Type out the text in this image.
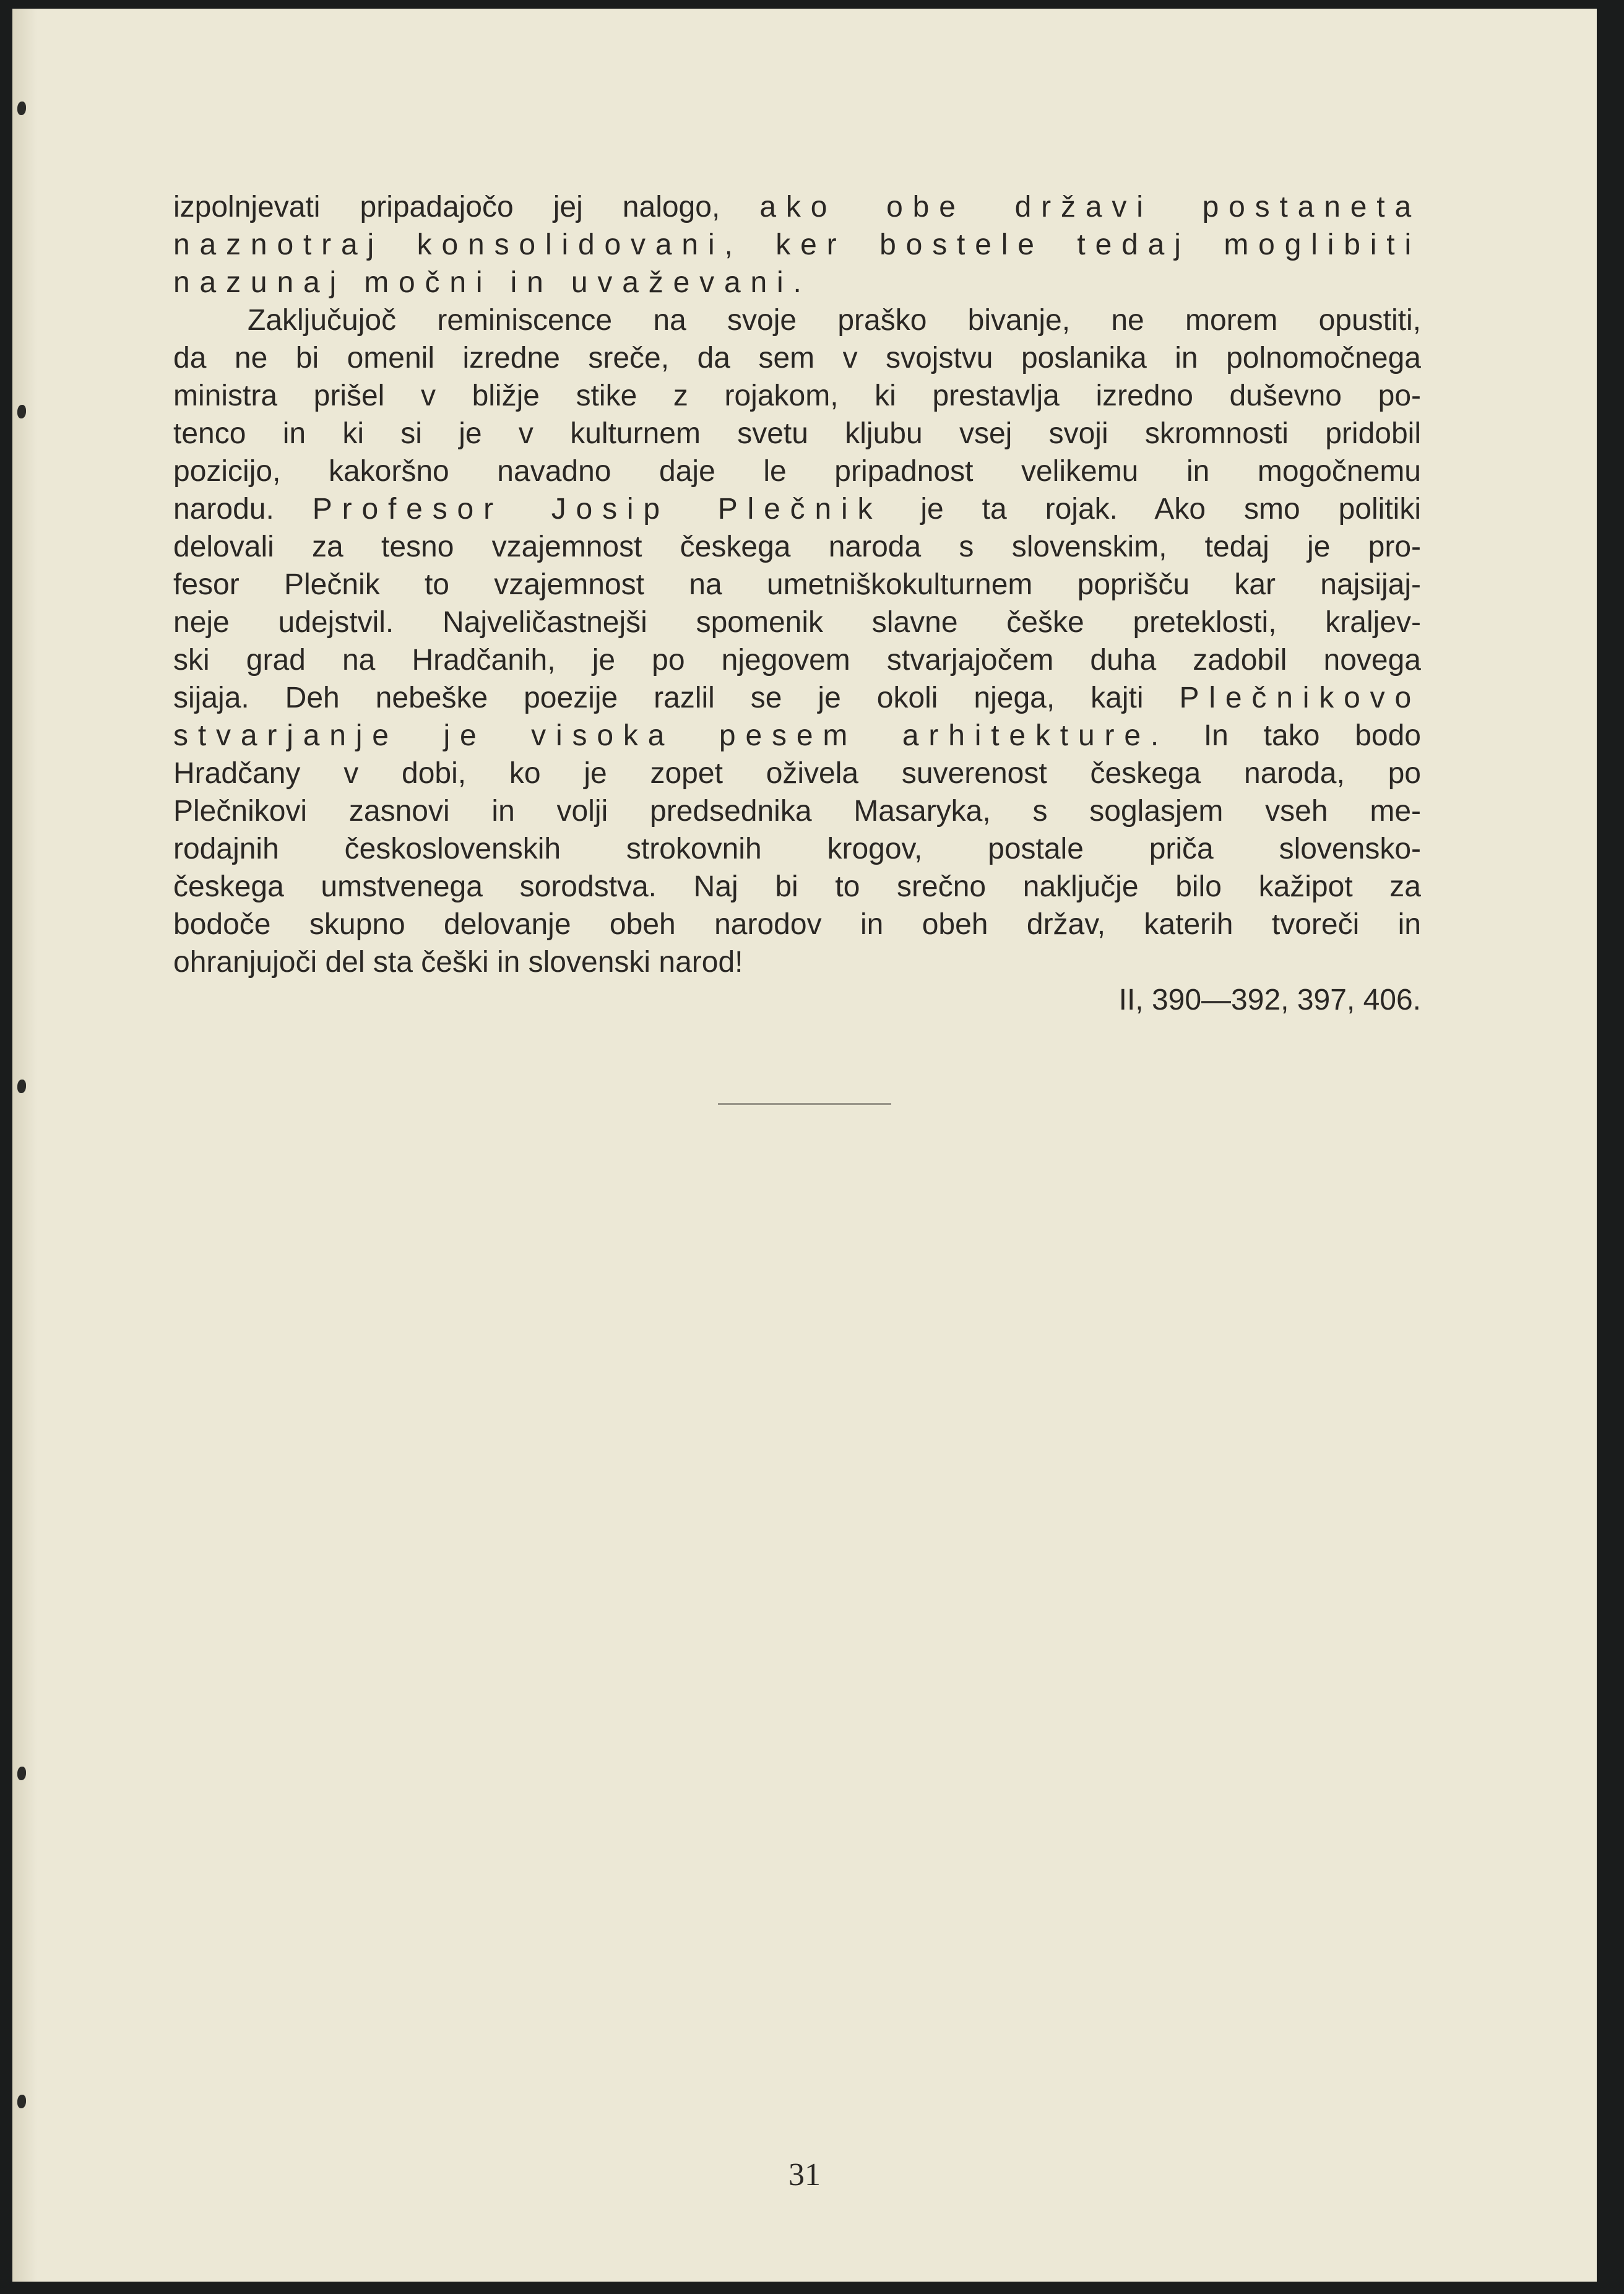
izpolnjevati pripadajočo jej nalogo, ako obe državi postaneta
naznotraj konsolidovani, ker bostele tedaj moglibiti
nazunaj močni in uvaževani.
Zaključujoč reminiscence na svoje praško bivanje, ne morem opustiti,
da ne bi omenil izredne sreče, da sem v svojstvu poslanika in polnomočnega
ministra prišel v bližje stike z rojakom, ki prestavlja izredno duševno po-
tenco in ki si je v kulturnem svetu kljubu vsej svoji skromnosti pridobil
pozicijo, kakoršno navadno daje le pripadnost velikemu in mogočnemu
narodu. Profesor Josip Plečnik je ta rojak. Ako smo politiki
delovali za tesno vzajemnost českega naroda s slovenskim, tedaj je pro-
fesor Plečnik to vzajemnost na umetniškokulturnem poprišču kar najsijaj-
neje udejstvil. Najveličastnejši spomenik slavne češke preteklosti, kraljev-
ski grad na Hradčanih, je po njegovem stvarjajočem duha zadobil novega
sijaja. Deh nebeške poezije razlil se je okoli njega, kajti Plečnikovo
stvarjanje je visoka pesem arhitekture. In tako bodo
Hradčany v dobi, ko je zopet oživela suverenost českega naroda, po
Plečnikovi zasnovi in volji predsednika Masaryka, s soglasjem vseh me-
rodajnih československih strokovnih krogov, postale priča slovensko-
českega umstvenega sorodstva. Naj bi to srečno naključje bilo kažipot za
bodoče skupno delovanje obeh narodov in obeh držav, katerih tvoreči in
ohranjujoči del sta češki in slovenski narod!
II, 390—392, 397, 406.
31
